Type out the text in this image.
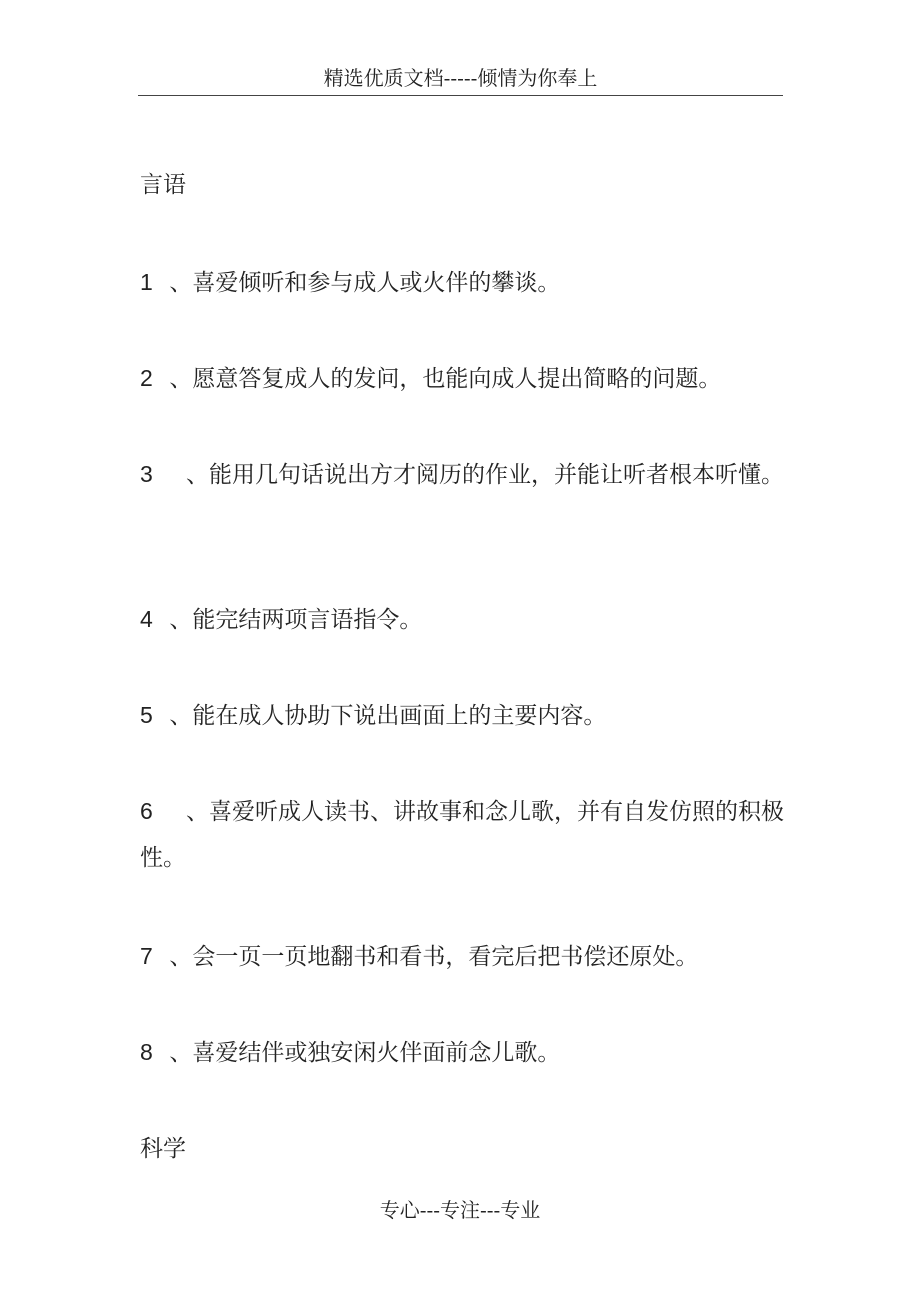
精选优质文档-----倾情为你奉上
言语
1 、喜爱倾听和参与成人或火伴的攀谈。
2 、愿意答复成人的发问，也能向成人提出简略的问题。
3 、能用几句话说出方才阅历的作业，并能让听者根本听懂。
4 、能完结两项言语指令。
5 、能在成人协助下说出画面上的主要内容。
6 、喜爱听成人读书、讲故事和念儿歌，并有自发仿照的积极性。
7 、会一页一页地翻书和看书，看完后把书偿还原处。
8 、喜爱结伴或独安闲火伴面前念儿歌。
科学
专心---专注---专业
